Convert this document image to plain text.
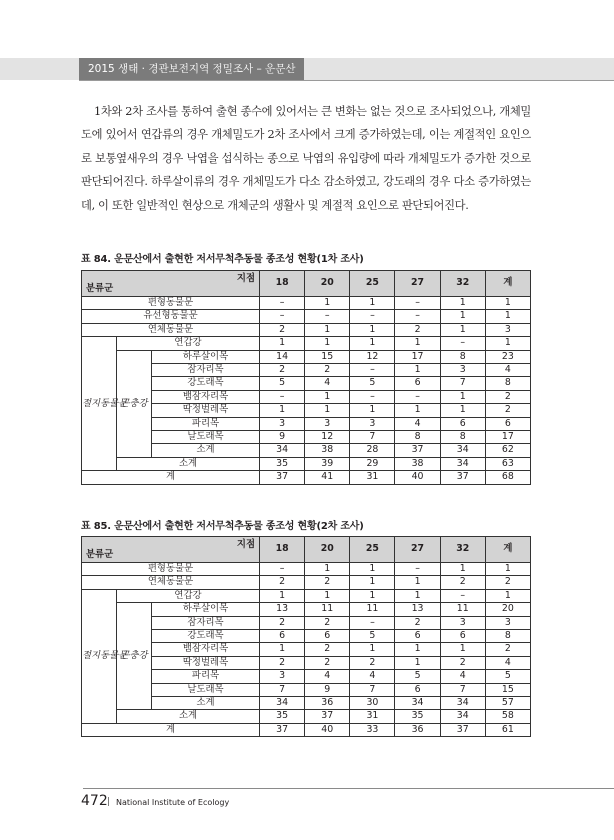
2015 생태 · 경관보전지역 정밀조사 – 운문산

1차와 2차 조사를 통하여 출현 종수에 있어서는 큰 변화는 없는 것으로 조사되었으나, 개체밀도에 있어서 연갑류의 경우 개체밀도가 2차 조사에서 크게 증가하였는데, 이는 계절적인 요인으로 보통옆새우의 경우 낙엽을 섭식하는 종으로 낙엽의 유입량에 따라 개체밀도가 증가한 것으로 판단되어진다. 하루살이류의 경우 개체밀도가 다소 감소하였고, 강도래의 경우 다소 증가하였는데, 이 또한 일반적인 현상으로 개체군의 생활사 및 계절적 요인으로 판단되어진다.

표 84. 운문산에서 출현한 저서무척추동물 종조성 현황(1차 조사)
지점
분류군			18	20	25	27	32	계
편형동물문			–	1	1	–	1	1
유선형동물문			–	–	–	–	1	1
연체동물문			2	1	1	2	1	3
절지동물문	연갑강		1	1	1	1	–	1
	곤충강	하루살이목	14	15	12	17	8	23
		잠자리목	2	2	–	1	3	4
		강도래목	5	4	5	6	7	8
		뱀잠자리목	–	1	–	–	1	2
		딱정벌레목	1	1	1	1	1	2
		파리목	3	3	3	4	6	6
		날도래목	9	12	7	8	8	17
		소계	34	38	28	37	34	62
	소계		35	39	29	38	34	63
계			37	41	31	40	37	68
표 85. 운문산에서 출현한 저서무척추동물 종조성 현황(2차 조사)
지점
분류군			18	20	25	27	32	계
편형동물문			–	1	1	–	1	1
연체동물문			2	2	1	1	2	2
절지동물문	연갑강		1	1	1	1	–	1
	곤충강	하루살이목	13	11	11	13	11	20
		잠자리목	2	2	–	2	3	3
		강도래목	6	6	5	6	6	8
		뱀잠자리목	1	2	1	1	1	2
		딱정벌레목	2	2	2	1	2	4
		파리목	3	4	4	5	4	5
		날도래목	7	9	7	6	7	15
		소계	34	36	30	34	34	57
	소계		35	37	31	35	34	58
계			37	40	33	36	37	61
472 | National Institute of Ecology
